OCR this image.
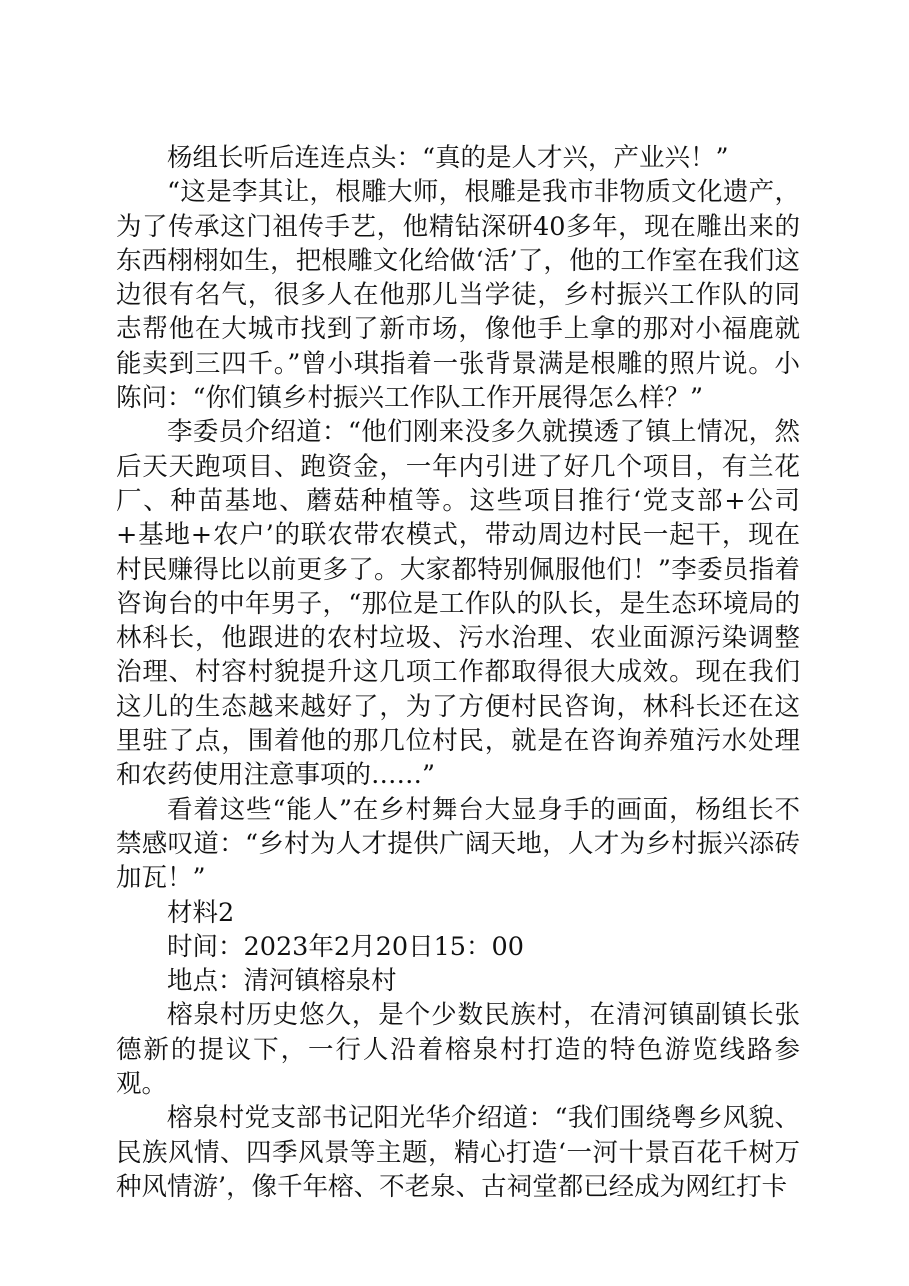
杨组长听后连连点头：“真的是人才兴，产业兴！”

“这是李其让，根雕大师，根雕是我市非物质文化遗产，为了传承这门祖传手艺，他精钻深研40多年，现在雕出来的东西栩栩如生，把根雕文化给做‘活’了，他的工作室在我们这边很有名气，很多人在他那儿当学徒，乡村振兴工作队的同志帮他在大城市找到了新市场，像他手上拿的那对小福鹿就能卖到三四千。”曾小琪指着一张背景满是根雕的照片说。小陈问：“你们镇乡村振兴工作队工作开展得怎么样？”

李委员介绍道：“他们刚来没多久就摸透了镇上情况，然后天天跑项目、跑资金，一年内引进了好几个项目，有兰花厂、种苗基地、蘑菇种植等。这些项目推行‘党支部+公司+基地+农户’的联农带农模式，带动周边村民一起干，现在村民赚得比以前更多了。大家都特别佩服他们！”李委员指着咨询台的中年男子，“那位是工作队的队长，是生态环境局的林科长，他跟进的农村垃圾、污水治理、农业面源污染调整治理、村容村貌提升这几项工作都取得很大成效。现在我们这儿的生态越来越好了，为了方便村民咨询，林科长还在这里驻了点，围着他的那几位村民，就是在咨询养殖污水处理和农药使用注意事项的……”

看着这些“能人”在乡村舞台大显身手的画面，杨组长不禁感叹道：“乡村为人才提供广阔天地，人才为乡村振兴添砖加瓦！”

材料2

时间：2023年2月20日15：00

地点：清河镇榕泉村

榕泉村历史悠久，是个少数民族村，在清河镇副镇长张德新的提议下，一行人沿着榕泉村打造的特色游览线路参观。

榕泉村党支部书记阳光华介绍道：“我们围绕粤乡风貌、民族风情、四季风景等主题，精心打造‘一河十景百花千树万种风情游’，像千年榕、不老泉、古祠堂都已经成为网红打卡
